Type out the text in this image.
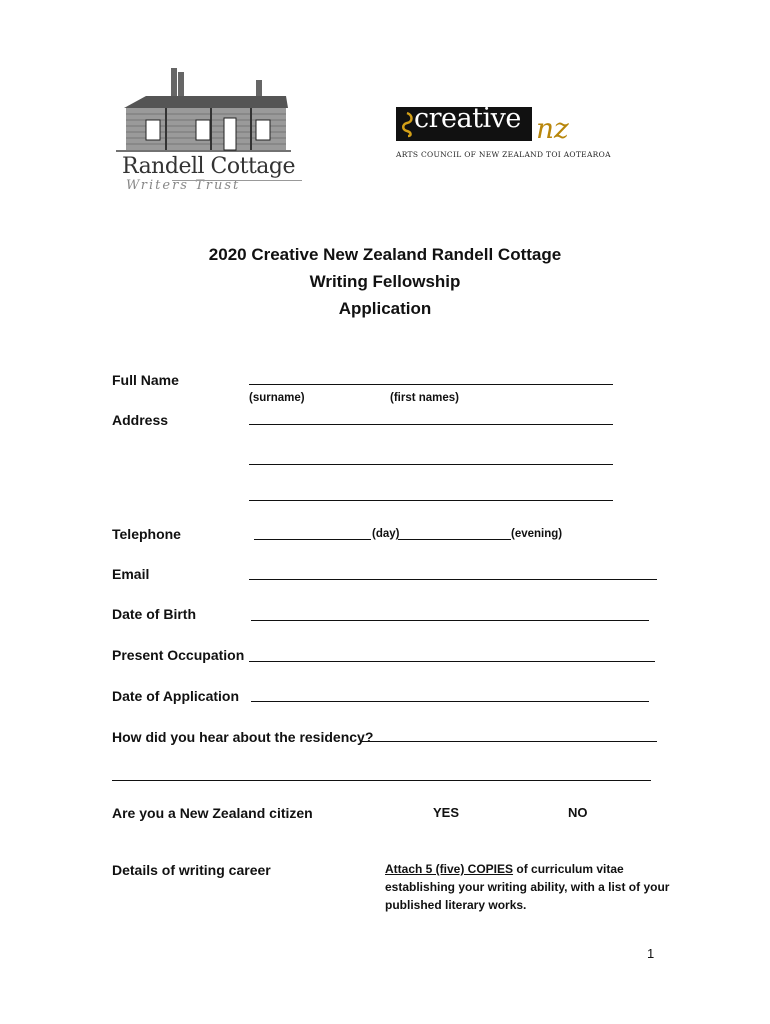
Randell Cottage
Writers Trust
creative nz
ARTS COUNCIL OF NEW ZEALAND TOI AOTEAROA
2020 Creative New Zealand Randell Cottage
Writing Fellowship
Application
Full Name
(surname)	(first names)
Address
Telephone	(day)	(evening)
Email
Date of Birth
Present Occupation
Date of Application
How did you hear about the residency?
Are you a New Zealand citizen	YES	NO
Details of writing career	Attach 5 (five) COPIES of curriculum vitae establishing your writing ability, with a list of your published literary works.
1
